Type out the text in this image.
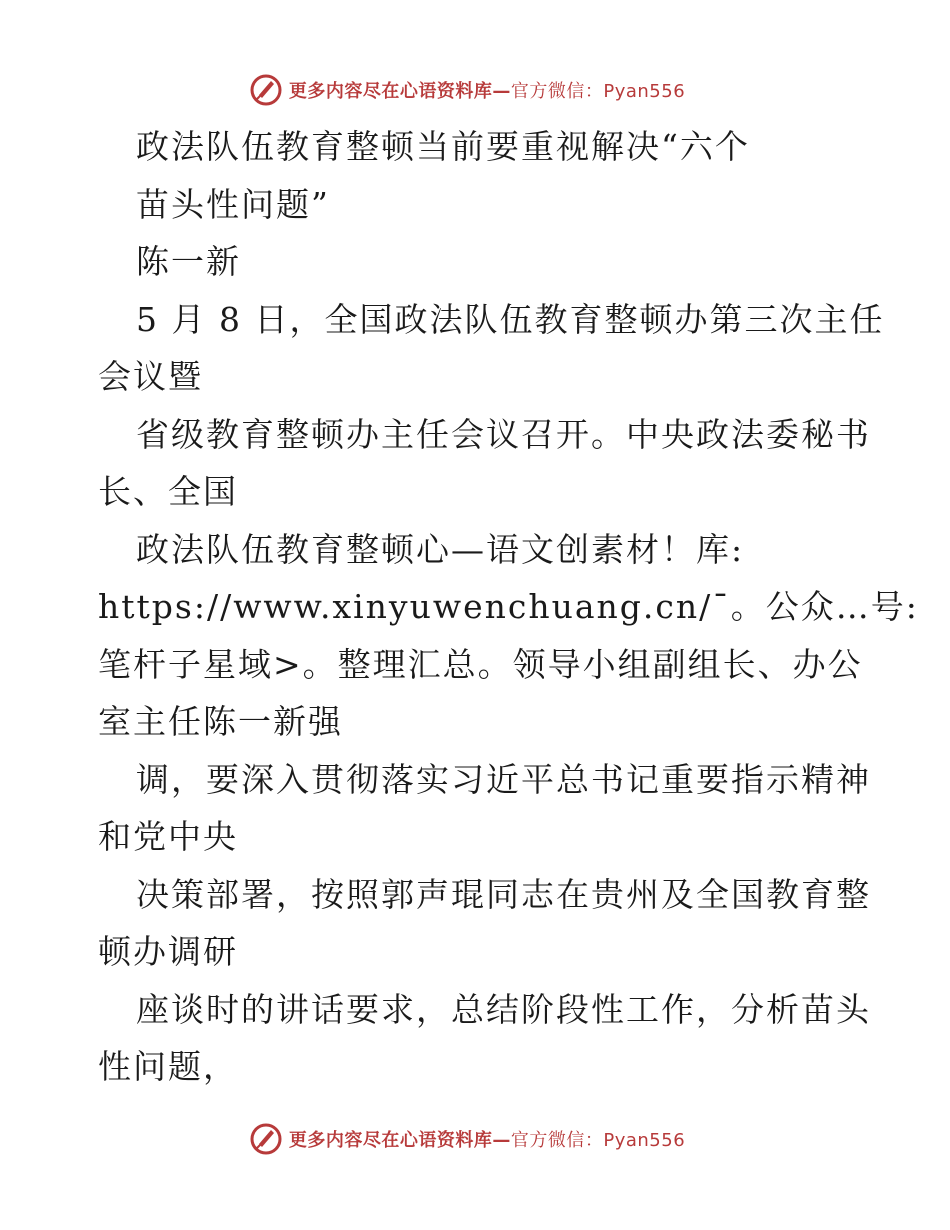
更多内容尽在心语资料库—官方微信：Pyan556
政法队伍教育整顿当前要重视解决“六个
苗头性问题”
陈一新
5 月 8 日，全国政法队伍教育整顿办第三次主任
会议暨
省级教育整顿办主任会议召开。中央政法委秘书
长、全国
政法队伍教育整顿心—语文创素材！库:
https://www.xinyuwenchuang.cn/ˉ。公众…号:
笔杆子星域>。整理汇总。领导小组副组长、办公
室主任陈一新强
调，要深入贯彻落实习近平总书记重要指示精神
和党中央
决策部署，按照郭声琨同志在贵州及全国教育整
顿办调研
座谈时的讲话要求，总结阶段性工作，分析苗头
性问题，
更多内容尽在心语资料库—官方微信：Pyan556
